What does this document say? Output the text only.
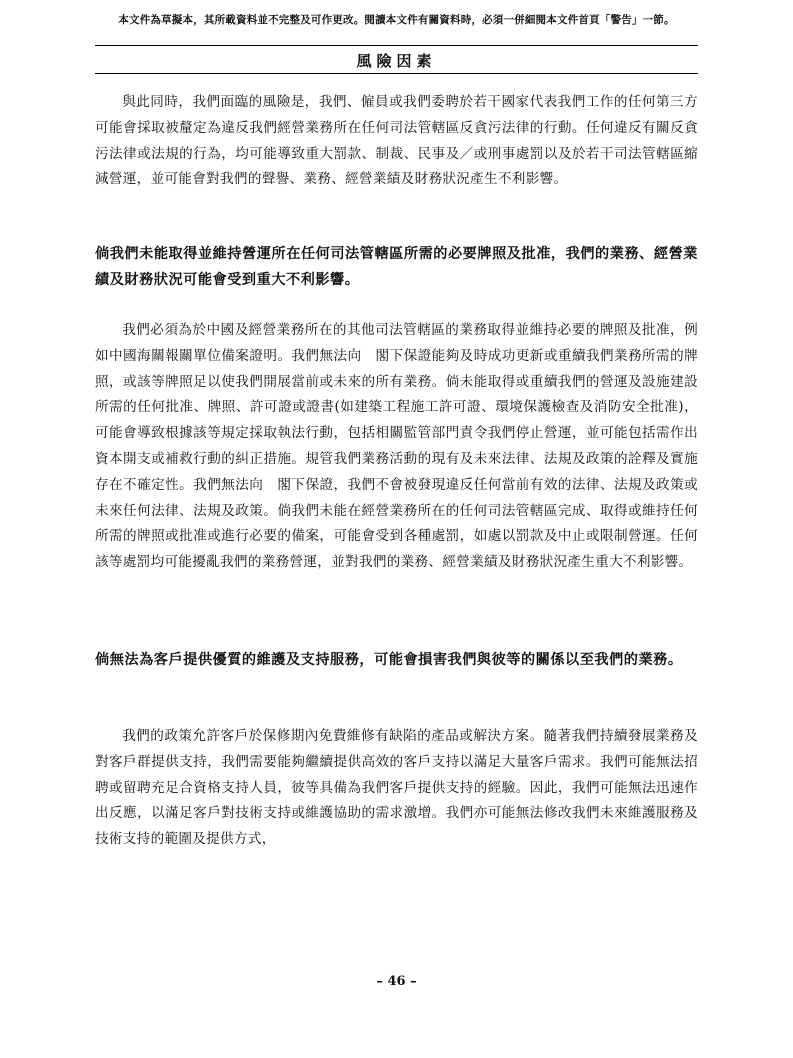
本文件為草擬本，其所載資料並不完整及可作更改。閱讀本文件有關資料時，必須一併細閱本文件首頁「警告」一節。
風險因素

與此同時，我們面臨的風險是，我們、僱員或我們委聘於若干國家代表我們工作的任何第三方可能會採取被釐定為違反我們經營業務所在任何司法管轄區反貪污法律的行動。任何違反有關反貪污法律或法規的行為，均可能導致重大罰款、制裁、民事及／或刑事處罰以及於若干司法管轄區縮減營運，並可能會對我們的聲譽、業務、經營業績及財務狀況產生不利影響。

倘我們未能取得並維持營運所在任何司法管轄區所需的必要牌照及批准，我們的業務、經營業績及財務狀況可能會受到重大不利影響。

我們必須為於中國及經營業務所在的其他司法管轄區的業務取得並維持必要的牌照及批准，例如中國海關報關單位備案證明。我們無法向　閣下保證能夠及時成功更新或重續我們業務所需的牌照，或該等牌照足以使我們開展當前或未來的所有業務。倘未能取得或重續我們的營運及設施建設所需的任何批准、牌照、許可證或證書(如建築工程施工許可證、環境保護檢查及消防安全批准)，可能會導致根據該等規定採取執法行動，包括相關監管部門責令我們停止營運，並可能包括需作出資本開支或補救行動的糾正措施。規管我們業務活動的現有及未來法律、法規及政策的詮釋及實施存在不確定性。我們無法向　閣下保證，我們不會被發現違反任何當前有效的法律、法規及政策或未來任何法律、法規及政策。倘我們未能在經營業務所在的任何司法管轄區完成、取得或維持任何所需的牌照或批准或進行必要的備案，可能會受到各種處罰，如處以罰款及中止或限制營運。任何該等處罰均可能擾亂我們的業務營運，並對我們的業務、經營業績及財務狀況產生重大不利影響。

倘無法為客戶提供優質的維護及支持服務，可能會損害我們與彼等的關係以至我們的業務。

我們的政策允許客戶於保修期內免費維修有缺陷的產品或解決方案。隨著我們持續發展業務及對客戶群提供支持，我們需要能夠繼續提供高效的客戶支持以滿足大量客戶需求。我們可能無法招聘或留聘充足合資格支持人員，彼等具備為我們客戶提供支持的經驗。因此，我們可能無法迅速作出反應，以滿足客戶對技術支持或維護協助的需求激增。我們亦可能無法修改我們未來維護服務及技術支持的範圍及提供方式，

– 46 –
